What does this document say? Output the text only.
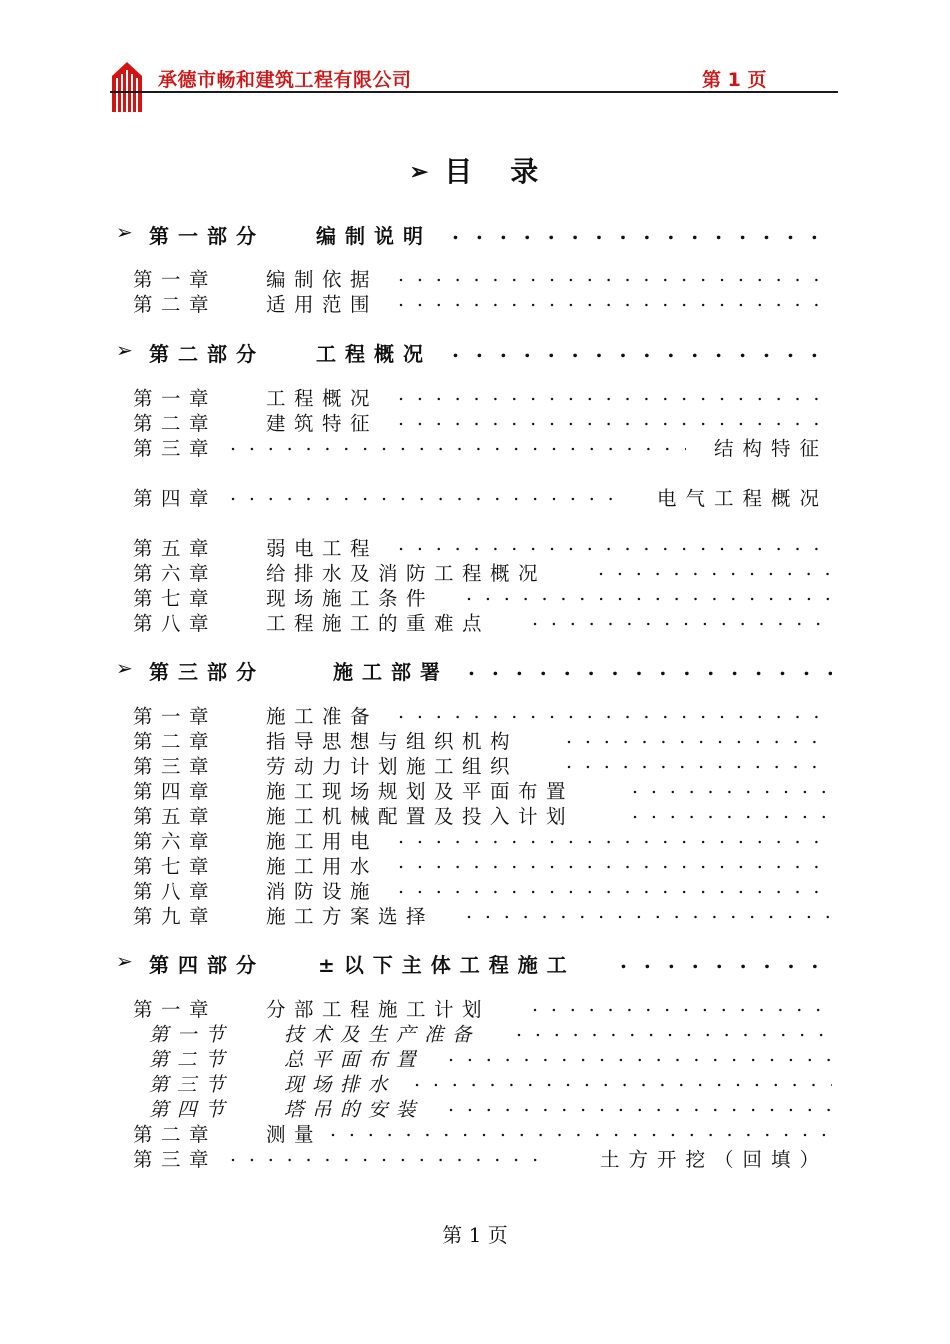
承德市畅和建筑工程有限公司	第 1 页
➢ 目 录
➢ 第一部分	编制说明
. . .
第一章	编制依据
. . .
第二章	适用范围
. . .
➢ 第二部分	工程概况
. . .
第一章	工程概况
. . .
第二章	建筑特征
. . .
第三章 . . .	结构特征
第四章 . . .	电气工程概况
第五章	弱电工程
. . .
第六章	给排水及消防工程概况
. . .
第七章	现场施工条件
. . .
第八章	工程施工的重难点
. . .
➢ 第三部分	施工部署
. . .
第一章	施工准备
. . .
第二章	指导思想与组织机构
. . .
第三章	劳动力计划施工组织
. . .
第四章	施工现场规划及平面布置
. . .
第五章	施工机械配置及投入计划
. . .
第六章	施工用电
. . .
第七章	施工用水
. . .
第八章	消防设施
. . .
第九章	施工方案选择
. . .
➢ 第四部分	±以下主体工程施工
. . .
第一章	分部工程施工计划
. . .
第一节	技术及生产准备
. . .
第二节	总平面布置
. . .
第三节	现场排水
. . .
第四节	塔吊的安装
. . .
第二章	测量
. . .
第三章 . . .	土方开挖（回填）
第 1 页
